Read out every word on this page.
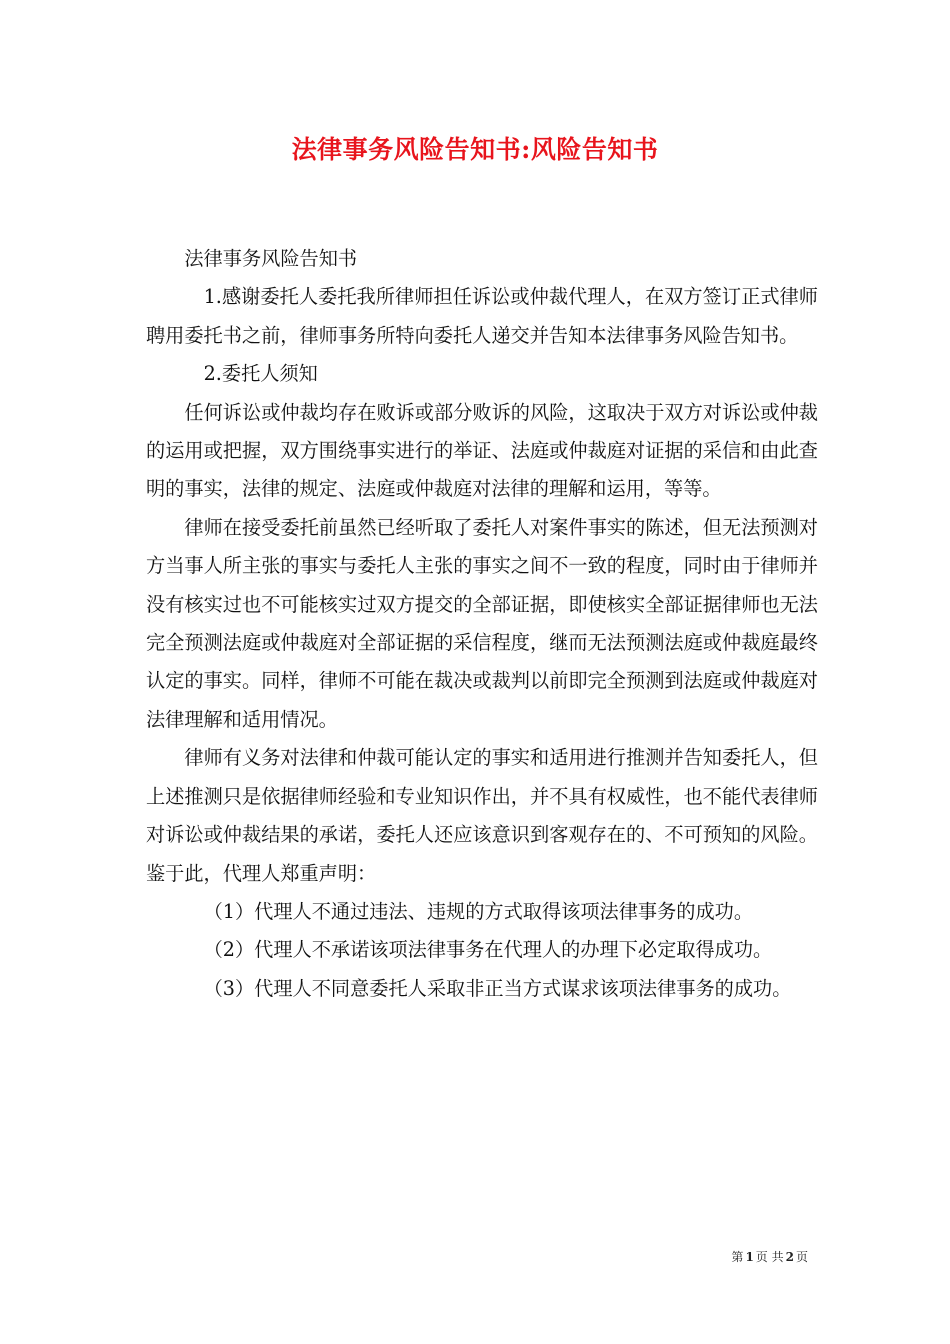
法律事务风险告知书:风险告知书

法律事务风险告知书

1.感谢委托人委托我所律师担任诉讼或仲裁代理人，在双方签订正式律师聘用委托书之前，律师事务所特向委托人递交并告知本法律事务风险告知书。

2.委托人须知

任何诉讼或仲裁均存在败诉或部分败诉的风险，这取决于双方对诉讼或仲裁的运用或把握，双方围绕事实进行的举证、法庭或仲裁庭对证据的采信和由此查明的事实，法律的规定、法庭或仲裁庭对法律的理解和运用，等等。

律师在接受委托前虽然已经听取了委托人对案件事实的陈述，但无法预测对方当事人所主张的事实与委托人主张的事实之间不一致的程度，同时由于律师并没有核实过也不可能核实过双方提交的全部证据，即使核实全部证据律师也无法完全预测法庭或仲裁庭对全部证据的采信程度，继而无法预测法庭或仲裁庭最终认定的事实。同样，律师不可能在裁决或裁判以前即完全预测到法庭或仲裁庭对法律理解和适用情况。

律师有义务对法律和仲裁可能认定的事实和适用进行推测并告知委托人，但上述推测只是依据律师经验和专业知识作出，并不具有权威性，也不能代表律师对诉讼或仲裁结果的承诺，委托人还应该意识到客观存在的、不可预知的风险。鉴于此，代理人郑重声明：

（1）代理人不通过违法、违规的方式取得该项法律事务的成功。

（2）代理人不承诺该项法律事务在代理人的办理下必定取得成功。

（3）代理人不同意委托人采取非正当方式谋求该项法律事务的成功。

第 1 页 共 2 页
